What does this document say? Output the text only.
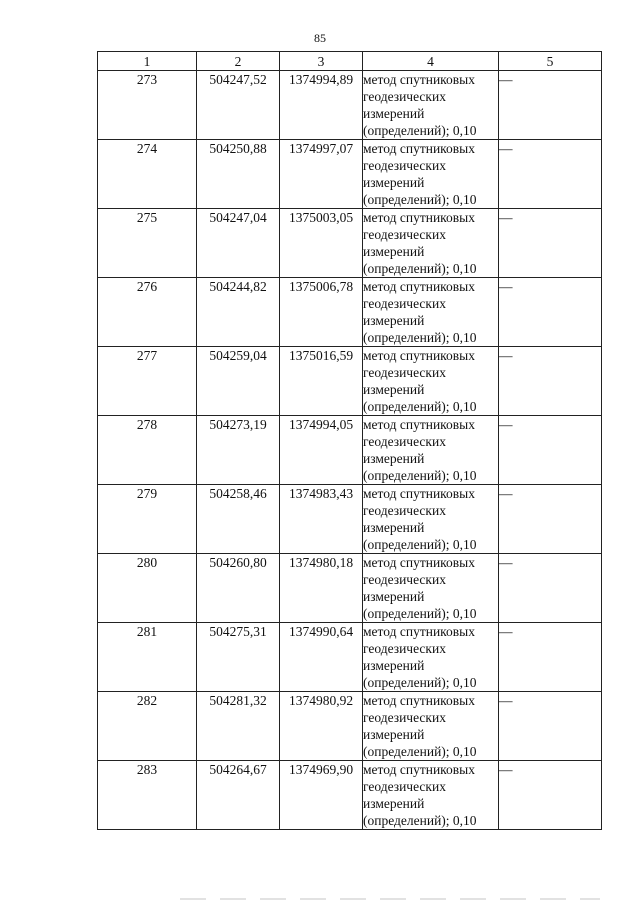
85
1	2	3	4	5
273	504247,52	1374994,89	метод спутниковых
геодезических
измерений
(определений); 0,10	—
274	504250,88	1374997,07	метод спутниковых
геодезических
измерений
(определений); 0,10	—
275	504247,04	1375003,05	метод спутниковых
геодезических
измерений
(определений); 0,10	—
276	504244,82	1375006,78	метод спутниковых
геодезических
измерений
(определений); 0,10	—
277	504259,04	1375016,59	метод спутниковых
геодезических
измерений
(определений); 0,10	—
278	504273,19	1374994,05	метод спутниковых
геодезических
измерений
(определений); 0,10	—
279	504258,46	1374983,43	метод спутниковых
геодезических
измерений
(определений); 0,10	—
280	504260,80	1374980,18	метод спутниковых
геодезических
измерений
(определений); 0,10	—
281	504275,31	1374990,64	метод спутниковых
геодезических
измерений
(определений); 0,10	—
282	504281,32	1374980,92	метод спутниковых
геодезических
измерений
(определений); 0,10	—
283	504264,67	1374969,90	метод спутниковых
геодезических
измерений
(определений); 0,10	—
